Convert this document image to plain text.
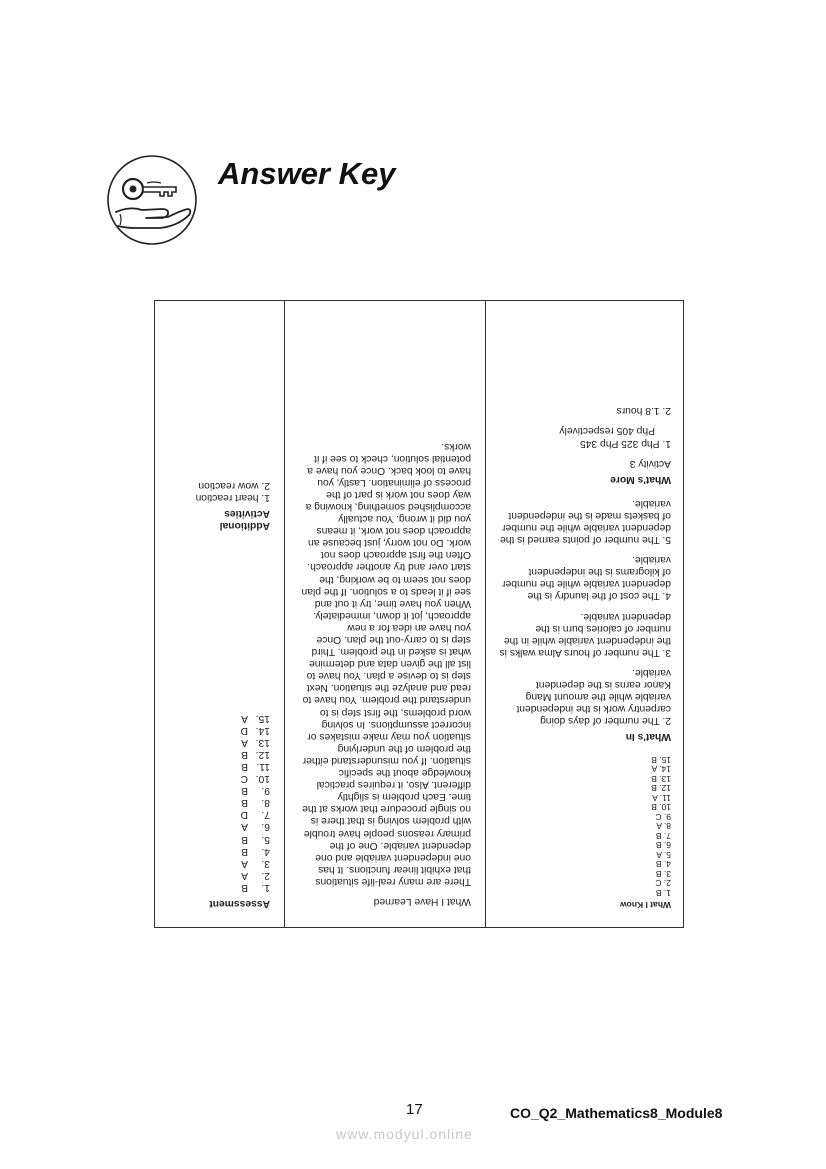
Answer Key
Assessment
1.B
2.A
3.A
4.B
5.B
6.A
7.D
8.B
9.B
10.C
11.B
12.B
13.A
14.D
15.A
Additional
Activities
1. heart reaction
2. wow reaction
What I Have Learned

There are many real-life situations that exhibit linear functions. It has one independent variable and one dependent variable. One of the primary reasons people have trouble with problem solving is that there is no single procedure that works at the time. Each problem is slightly different. Also, it requires practical knowledge about the specific situation. If you misunderstand either the problem of the underlying situation you may make mistakes or incorrect assumptions. In solving word problems, the first step is to understand the problem. You have to read and analyze the situation. Next step is to devise a plan. You have to list all the given data and determine what is asked in the problem. Third step is to carry-out the plan. Once you have an idea for a new approach, jot it down, immediately. When you have time, try it out and see if it leads to a solution. If the plan does not seem to be working, the start over and try another approach. Often the first approach does not work. Do not worry, just because an approach does not work, it means you did it wrong. You actually accomplished something, knowing a way does not work is part of the process of elimination. Lastly, you have to look back. Once you have a potential solution, check to see if it works.

What I Know
1. B
2. C
3. B
4. B
5. A
6. B
7. B
8. A
9. C
10. B
11. A
12. B
13. B
14. A
15. B
What's In

2. The number of days doing carpentry work is the independent variable while the amount Mang Kanor earns is the dependent variable.

3. The number of hours Alma walks is the independent variable while in the number of calories burn is the dependent variable.

4. The cost of the laundry is the dependent variable while the number of kilograms is the independent variable.

5. The number of points earned is the dependent variable while the number of baskets made is the independent variable.

What's More
Activity 3
1. Php 325 Php 345
Php 405 respectively
2. 1.8 hours
17	CO_Q2_Mathematics8_Module8
www.modyul.online
